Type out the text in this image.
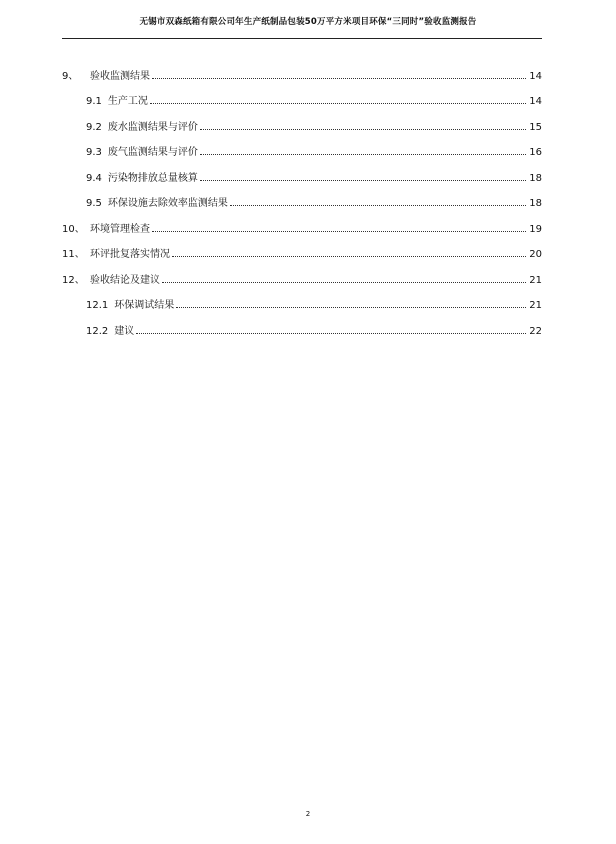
无锡市双森纸箱有限公司年生产纸制品包装50万平方米项目环保“三同时”验收监测报告
9、	验收监测结果	14
9.1 生产工况	14
9.2 废水监测结果与评价	15
9.3 废气监测结果与评价	16
9.4 污染物排放总量核算	18
9.5 环保设施去除效率监测结果	18
10、 环境管理检查	19
11、 环评批复落实情况	20
12、 验收结论及建议	21
12.1 环保调试结果	21
12.2 建议	22
2
